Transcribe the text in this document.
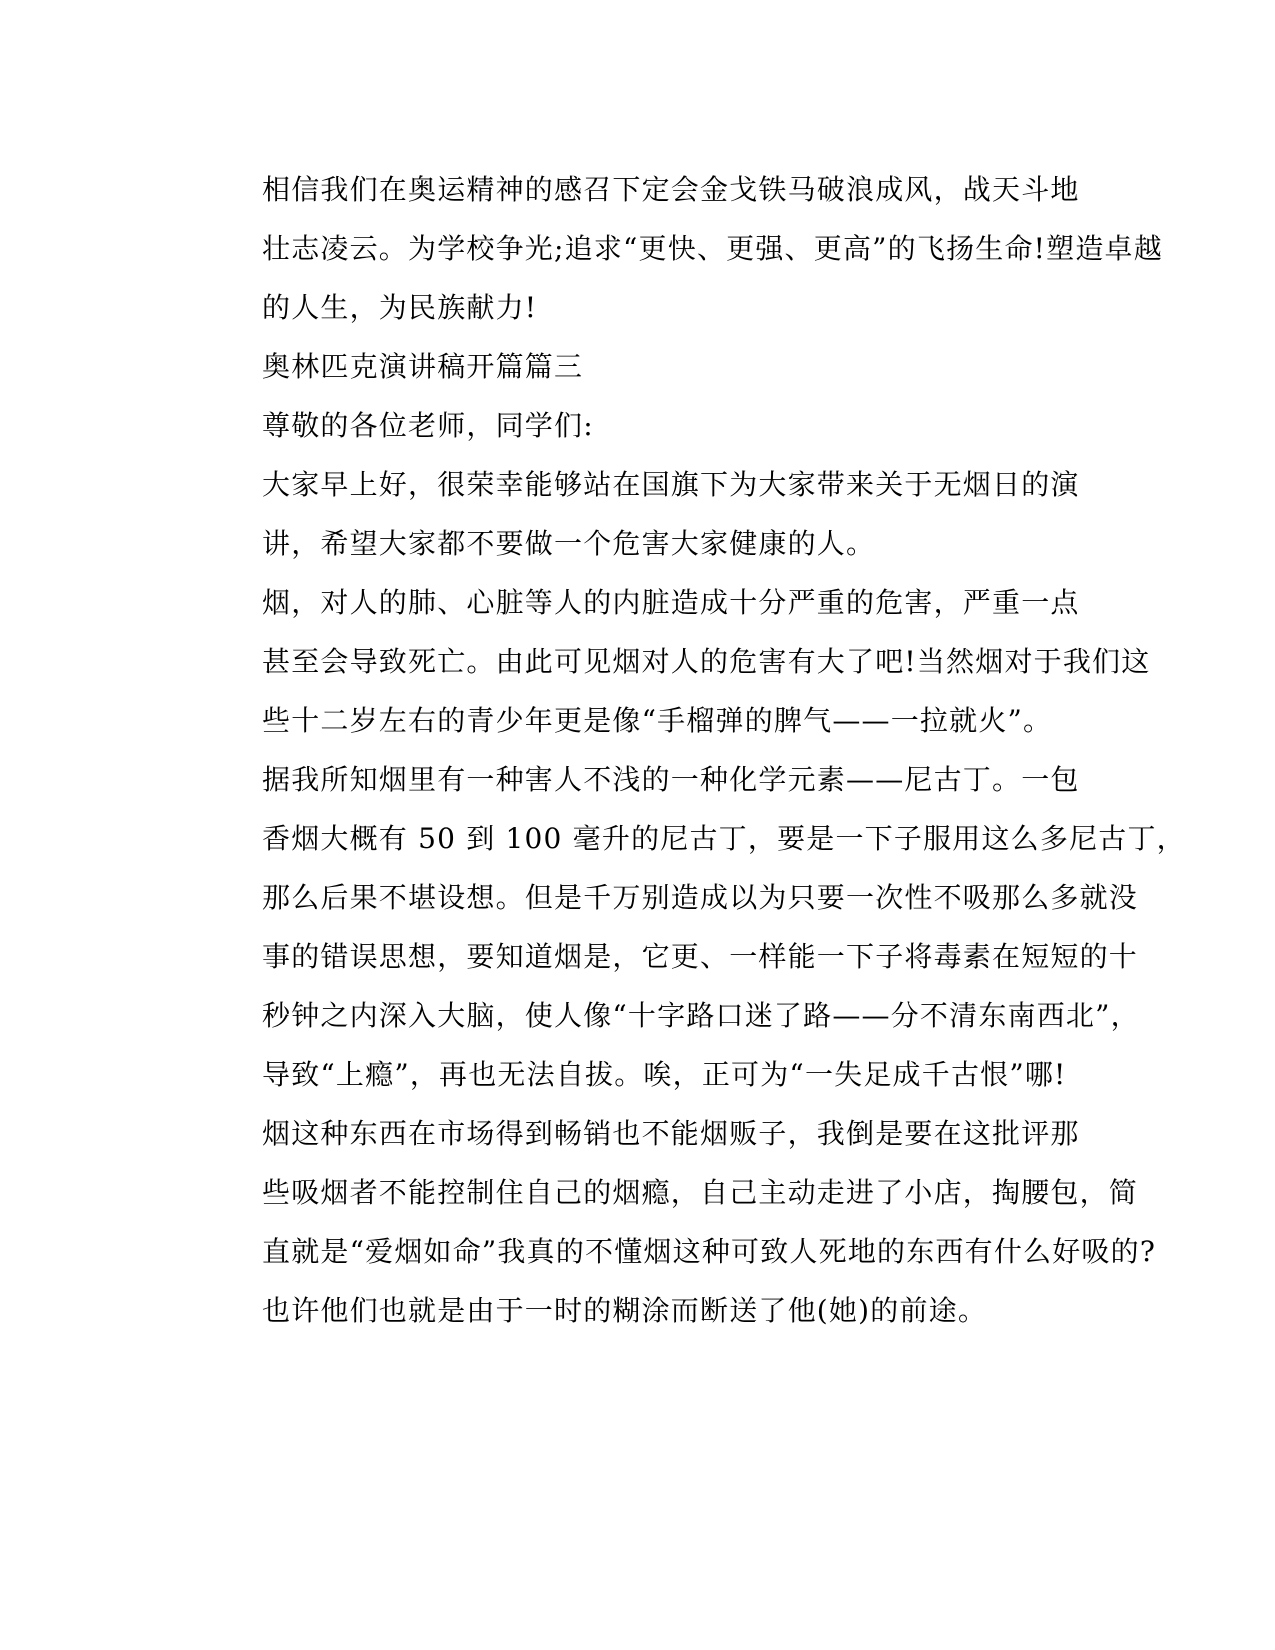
相信我们在奥运精神的感召下定会金戈铁马破浪成风，战天斗地
壮志凌云。为学校争光;追求“更快、更强、更高”的飞扬生命!塑造卓越
的人生，为民族献力!

奥林匹克演讲稿开篇篇三

尊敬的各位老师，同学们:

大家早上好，很荣幸能够站在国旗下为大家带来关于无烟日的演
讲，希望大家都不要做一个危害大家健康的人。

烟，对人的肺、心脏等人的内脏造成十分严重的危害，严重一点
甚至会导致死亡。由此可见烟对人的危害有大了吧!当然烟对于我们这
些十二岁左右的青少年更是像“手榴弹的脾气——一拉就火”。

据我所知烟里有一种害人不浅的一种化学元素——尼古丁。一包
香烟大概有 50 到 100 毫升的尼古丁，要是一下子服用这么多尼古丁，
那么后果不堪设想。但是千万别造成以为只要一次性不吸那么多就没
事的错误思想，要知道烟是，它更、一样能一下子将毒素在短短的十
秒钟之内深入大脑，使人像“十字路口迷了路——分不清东南西北”，
导致“上瘾”，再也无法自拔。唉，正可为“一失足成千古恨”哪!

烟这种东西在市场得到畅销也不能烟贩子，我倒是要在这批评那
些吸烟者不能控制住自己的烟瘾，自己主动走进了小店，掏腰包，简
直就是“爱烟如命”我真的不懂烟这种可致人死地的东西有什么好吸的?
也许他们也就是由于一时的糊涂而断送了他(她)的前途。
